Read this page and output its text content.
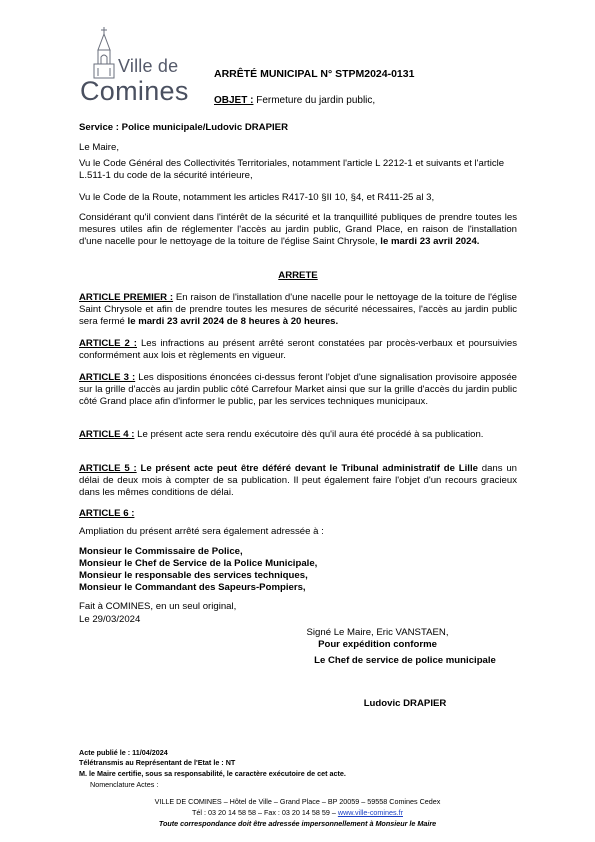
Ville de
Comines
ARRÊTÉ MUNICIPAL N° STPM2024-0131
OBJET : Fermeture du jardin public,
Service : Police municipale/Ludovic DRAPIER
Le Maire,
Vu le Code Général des Collectivités Territoriales, notamment l'article L 2212-1 et suivants et l'article L.511-1 du code de la sécurité intérieure,
Vu le Code de la Route, notamment les articles R417-10 §II 10, §4, et R411-25 al 3,
Considérant qu'il convient dans l'intérêt de la sécurité et la tranquillité publiques de prendre toutes les mesures utiles afin de réglementer l'accès au jardin public, Grand Place, en raison de l'installation d'une nacelle pour le nettoyage de la toiture de l'église Saint Chrysole, le mardi 23 avril 2024.
ARRETE
ARTICLE PREMIER : En raison de l'installation d'une nacelle pour le nettoyage de la toiture de l'église Saint Chrysole et afin de prendre toutes les mesures de sécurité nécessaires, l'accès au jardin public sera fermé le mardi 23 avril 2024 de 8 heures à 20 heures.
ARTICLE 2 : Les infractions au présent arrêté seront constatées par procès-verbaux et poursuivies conformément aux lois et règlements en vigueur.
ARTICLE 3 : Les dispositions énoncées ci-dessus feront l'objet d'une signalisation provisoire apposée sur la grille d'accès au jardin public côté Carrefour Market ainsi que sur la grille d'accès du jardin public côté Grand place afin d'informer le public, par les services techniques municipaux.
ARTICLE 4 : Le présent acte sera rendu exécutoire dès qu'il aura été procédé à sa publication.
ARTICLE 5 : Le présent acte peut être déféré devant le Tribunal administratif de Lille dans un délai de deux mois à compter de sa publication. Il peut également faire l'objet d'un recours gracieux dans les mêmes conditions de délai.
ARTICLE 6 :
Ampliation du présent arrêté sera également adressée à :
Monsieur le Commissaire de Police,
Monsieur le Chef de Service de la Police Municipale,
Monsieur le responsable des services techniques,
Monsieur le Commandant des Sapeurs-Pompiers,
Fait à COMINES, en un seul original,
Le 29/03/2024
Signé Le Maire, Eric VANSTAEN,
Pour expédition conforme
Le Chef de service de police municipale
Ludovic DRAPIER
Acte publié le : 11/04/2024
Télétransmis au Représentant de l'Etat le : NT
M. le Maire certifie, sous sa responsabilité, le caractère exécutoire de cet acte.
Nomenclature Actes :
VILLE DE COMINES – Hôtel de Ville – Grand Place – BP 20059 – 59558 Comines Cedex
Tél : 03 20 14 58 58 – Fax : 03 20 14 58 59 – www.ville-comines.fr
Toute correspondance doit être adressée impersonnellement à Monsieur le Maire
